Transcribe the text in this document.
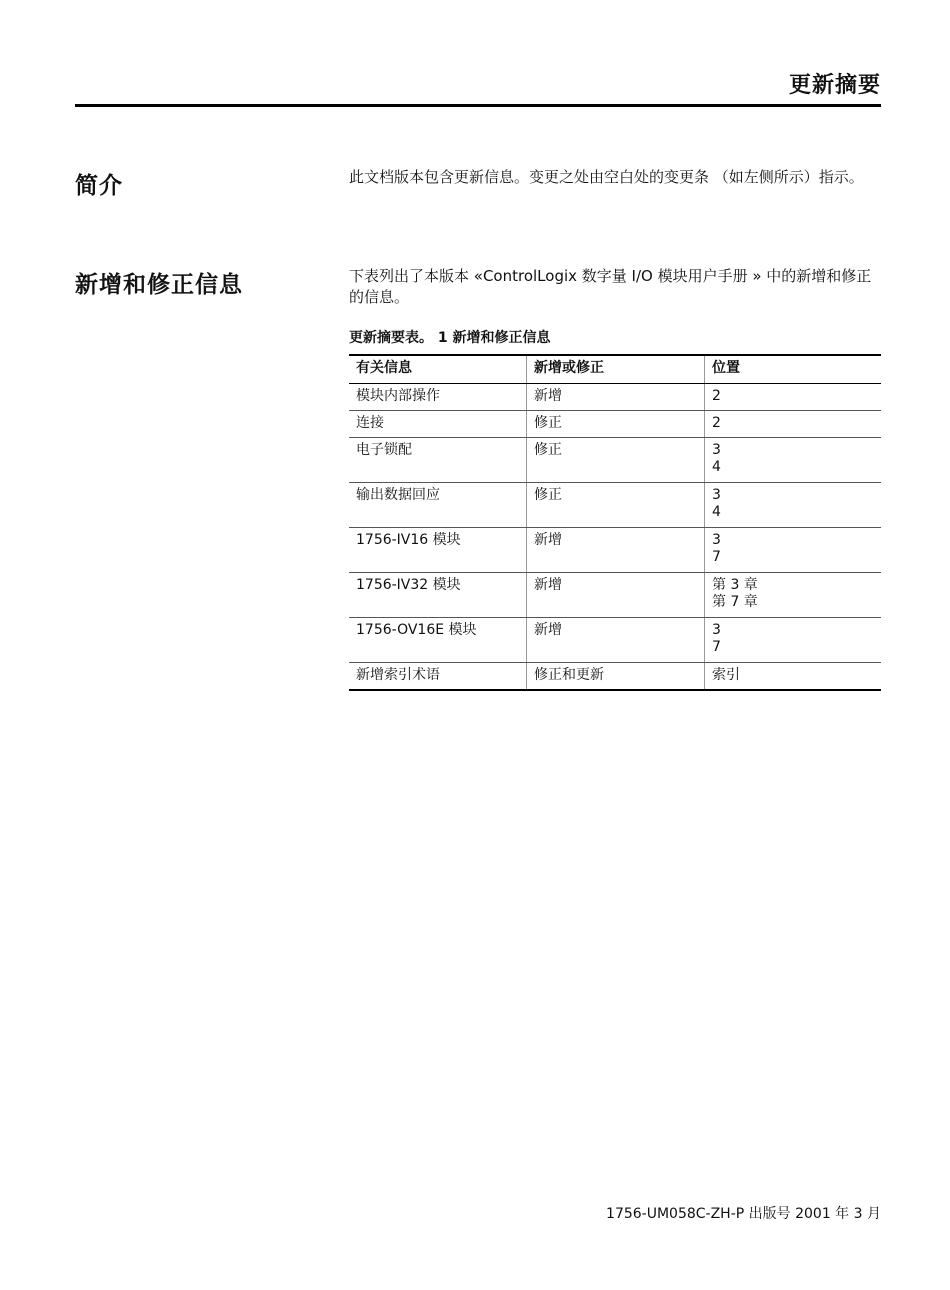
更新摘要
简介	此文档版本包含更新信息。变更之处由空白处的变更条 （如左侧所示）指示。
新增和修正信息	下表列出了本版本 «ControlLogix 数字量 I/O 模块用户手册 » 中的新增和修正的信息。
更新摘要表。 1 新增和修正信息
有关信息	新增或修正	位置
模块内部操作	新增	2

连接	修正	2

电子锁配	修正	3
4

输出数据回应	修正	3
4

1756-IV16 模块	新增	3
7

1756-IV32 模块	新增	第 3 章
第 7 章

1756-OV16E 模块	新增	3
7

新增索引术语	修正和更新	索引
1756-UM058C-ZH-P 出版号 2001 年 3 月
